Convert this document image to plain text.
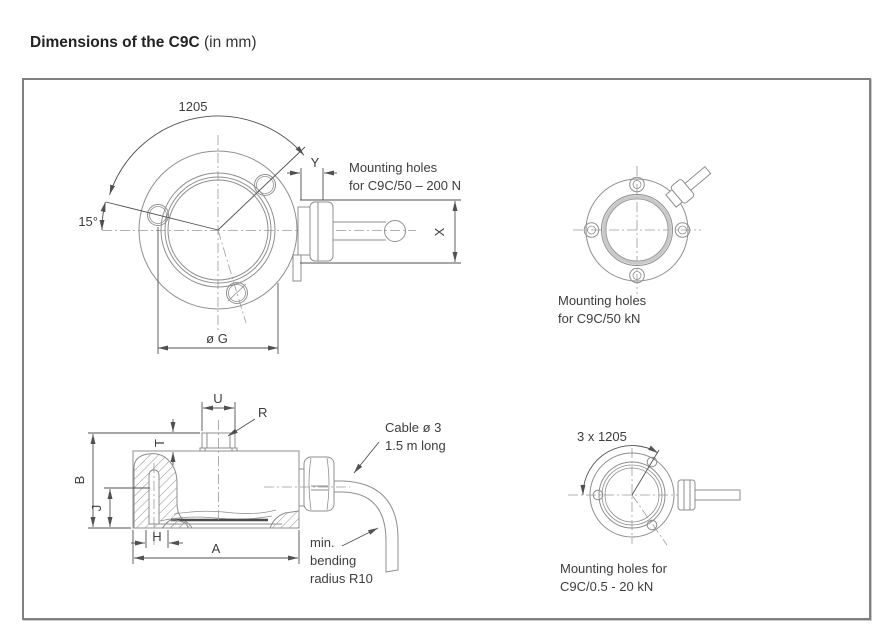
Dimensions of the C9C (in mm)
15°
1205
Y
X
ø G
Mounting holes
for C9C/50 – 200 N
Mounting holes
for C9C/50 kN
U
R
T
B
J
H
A
Cable ø 3
1.5 m long
min.
bending
radius R10
3 x 1205
Mounting holes for
C9C/0.5 - 20 kN
